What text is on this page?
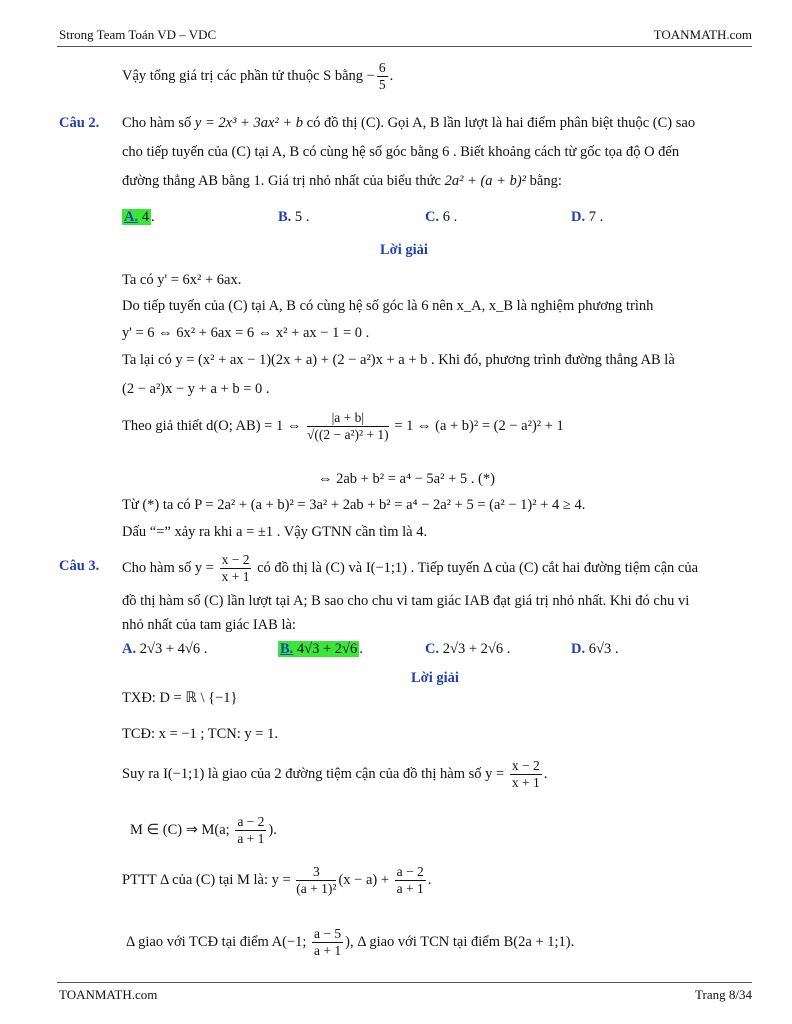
Strong Team Toán VD – VDC	TOANMATH.com
Vậy tổng giá trị các phần tử thuộc S bằng − $\frac{6}{5}$ .
Câu 2. Cho hàm số y = 2x³ + 3ax² + b có đồ thị (C). Gọi A, B lần lượt là hai điểm phân biệt thuộc (C) sao
cho tiếp tuyến của (C) tại A, B có cùng hệ số góc bằng 6 . Biết khoảng cách từ gốc tọa độ O đến
đường thẳng AB bằng 1. Giá trị nhỏ nhất của biểu thức 2a² + (a + b)² bằng:
A. 4 .	B. 5 .	C. 6 .	D. 7 .
Lời giải
Ta có y' = 6x² + 6ax.
Do tiếp tuyến của (C) tại A, B có cùng hệ số góc là 6 nên x_A, x_B là nghiệm phương trình
y' = 6 ⇔ 6x² + 6ax = 6 ⇔ x² + ax − 1 = 0 .
Ta lại có y = (x² + ax − 1)(2x + a) + (2 − a²)x + a + b . Khi đó, phương trình đường thẳng AB là
(2 − a²)x − y + a + b = 0 .
Theo giả thiết d(O; AB) = 1 ⇔ $\frac{|a + b|}{\text{√((2 − a²)² + 1)}} = 1$ ⇔ (a + b)² = (2 − a²)² + 1
⇔ 2ab + b² = a⁴ − 5a² + 5 . (*)
Từ (*) ta có P = 2a² + (a + b)² = 3a² + 2ab + b² = a⁴ − 2a² + 5 = (a² − 1)² + 4 ≥ 4.
Dấu “=” xảy ra khi a = ±1 . Vậy GTNN cần tìm là 4.
Câu 3. Cho hàm số $y = \frac{x - 2}{x + 1}$ có đồ thị là (C) và I(−1;1) . Tiếp tuyến Δ của (C) cắt hai đường tiệm cận của
đồ thị hàm số (C) lần lượt tại A; B sao cho chu vi tam giác IAB đạt giá trị nhỏ nhất. Khi đó chu vi
nhỏ nhất của tam giác IAB là:
A. 2√3 + 4√6 .	B. 4√3 + 2√6 .	C. 2√3 + 2√6 .	D. 6√3 .
Lời giải
TXĐ: D = ℝ \ {−1}
TCĐ: x = −1 ; TCN: y = 1.
Suy ra I(−1;1) là giao của 2 đường tiệm cận của đồ thị hàm số $y = \frac{x - 2}{x + 1}$ .
M ∈ (C) ⇒ M(a; $\frac{a - 2}{a + 1}$ ).
PTTT Δ của (C) tại M là: $y = \frac{3}{\text{(a + 1)²}} (x - a) + \frac{a - 2}{a + 1}$ .
Δ giao với TCĐ tại điểm A(−1; $\frac{a - 5}{a + 1}$ ), Δ giao với TCN tại điểm B(2a + 1;1).
TOANMATH.com	Trang 8/34
